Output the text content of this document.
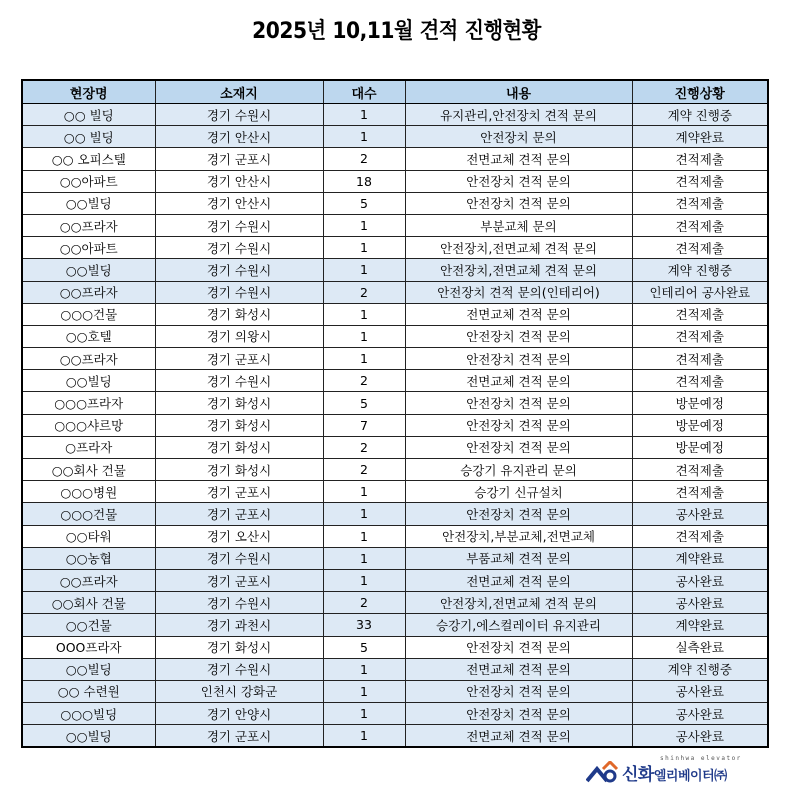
2025년 10,11월 견적 진행현황
현장명	소재지	대수	내용	진행상황
○○ 빌딩	경기 수원시	1	유지관리,안전장치 견적 문의	계약 진행중
○○ 빌딩	경기 안산시	1	안전장치 문의	계약완료
○○ 오피스텔	경기 군포시	2	전면교체 견적 문의	견적제출
○○아파트	경기 안산시	18	안전장치 견적 문의	견적제출
○○빌딩	경기 안산시	5	안전장치 견적 문의	견적제출
○○프라자	경기 수원시	1	부분교체 문의	견적제출
○○아파트	경기 수원시	1	안전장치,전면교체 견적 문의	견적제출
○○빌딩	경기 수원시	1	안전장치,전면교체 견적 문의	계약 진행중
○○프라자	경기 수원시	2	안전장치 견적 문의(인테리어)	인테리어 공사완료
○○○건물	경기 화성시	1	전면교체 견적 문의	견적제출
○○호텔	경기 의왕시	1	안전장치 견적 문의	견적제출
○○프라자	경기 군포시	1	안전장치 견적 문의	견적제출
○○빌딩	경기 수원시	2	전면교체 견적 문의	견적제출
○○○프라자	경기 화성시	5	안전장치 견적 문의	방문예정
○○○샤르망	경기 화성시	7	안전장치 견적 문의	방문예정
○프라자	경기 화성시	2	안전장치 견적 문의	방문예정
○○회사 건물	경기 화성시	2	승강기 유지관리 문의	견적제출
○○○병원	경기 군포시	1	승강기 신규설치	견적제출
○○○건물	경기 군포시	1	안전장치 견적 문의	공사완료
○○타워	경기 오산시	1	안전장치,부분교체,전면교체	견적제출
○○농협	경기 수원시	1	부품교체 견적 문의	계약완료
○○프라자	경기 군포시	1	전면교체 견적 문의	공사완료
○○회사 건물	경기 수원시	2	안전장치,전면교체 견적 문의	공사완료
○○건물	경기 과천시	33	승강기,에스컬레이터 유지관리	계약완료
OOO프라자	경기 화성시	5	안전장치 견적 문의	실측완료
○○빌딩	경기 수원시	1	전면교체 견적 문의	계약 진행중
○○ 수련원	인천시 강화군	1	안전장치 견적 문의	공사완료
○○○빌딩	경기 안양시	1	안전장치 견적 문의	공사완료
○○빌딩	경기 군포시	1	전면교체 견적 문의	공사완료
shinhwa elevator
신화엘리베이터㈜
